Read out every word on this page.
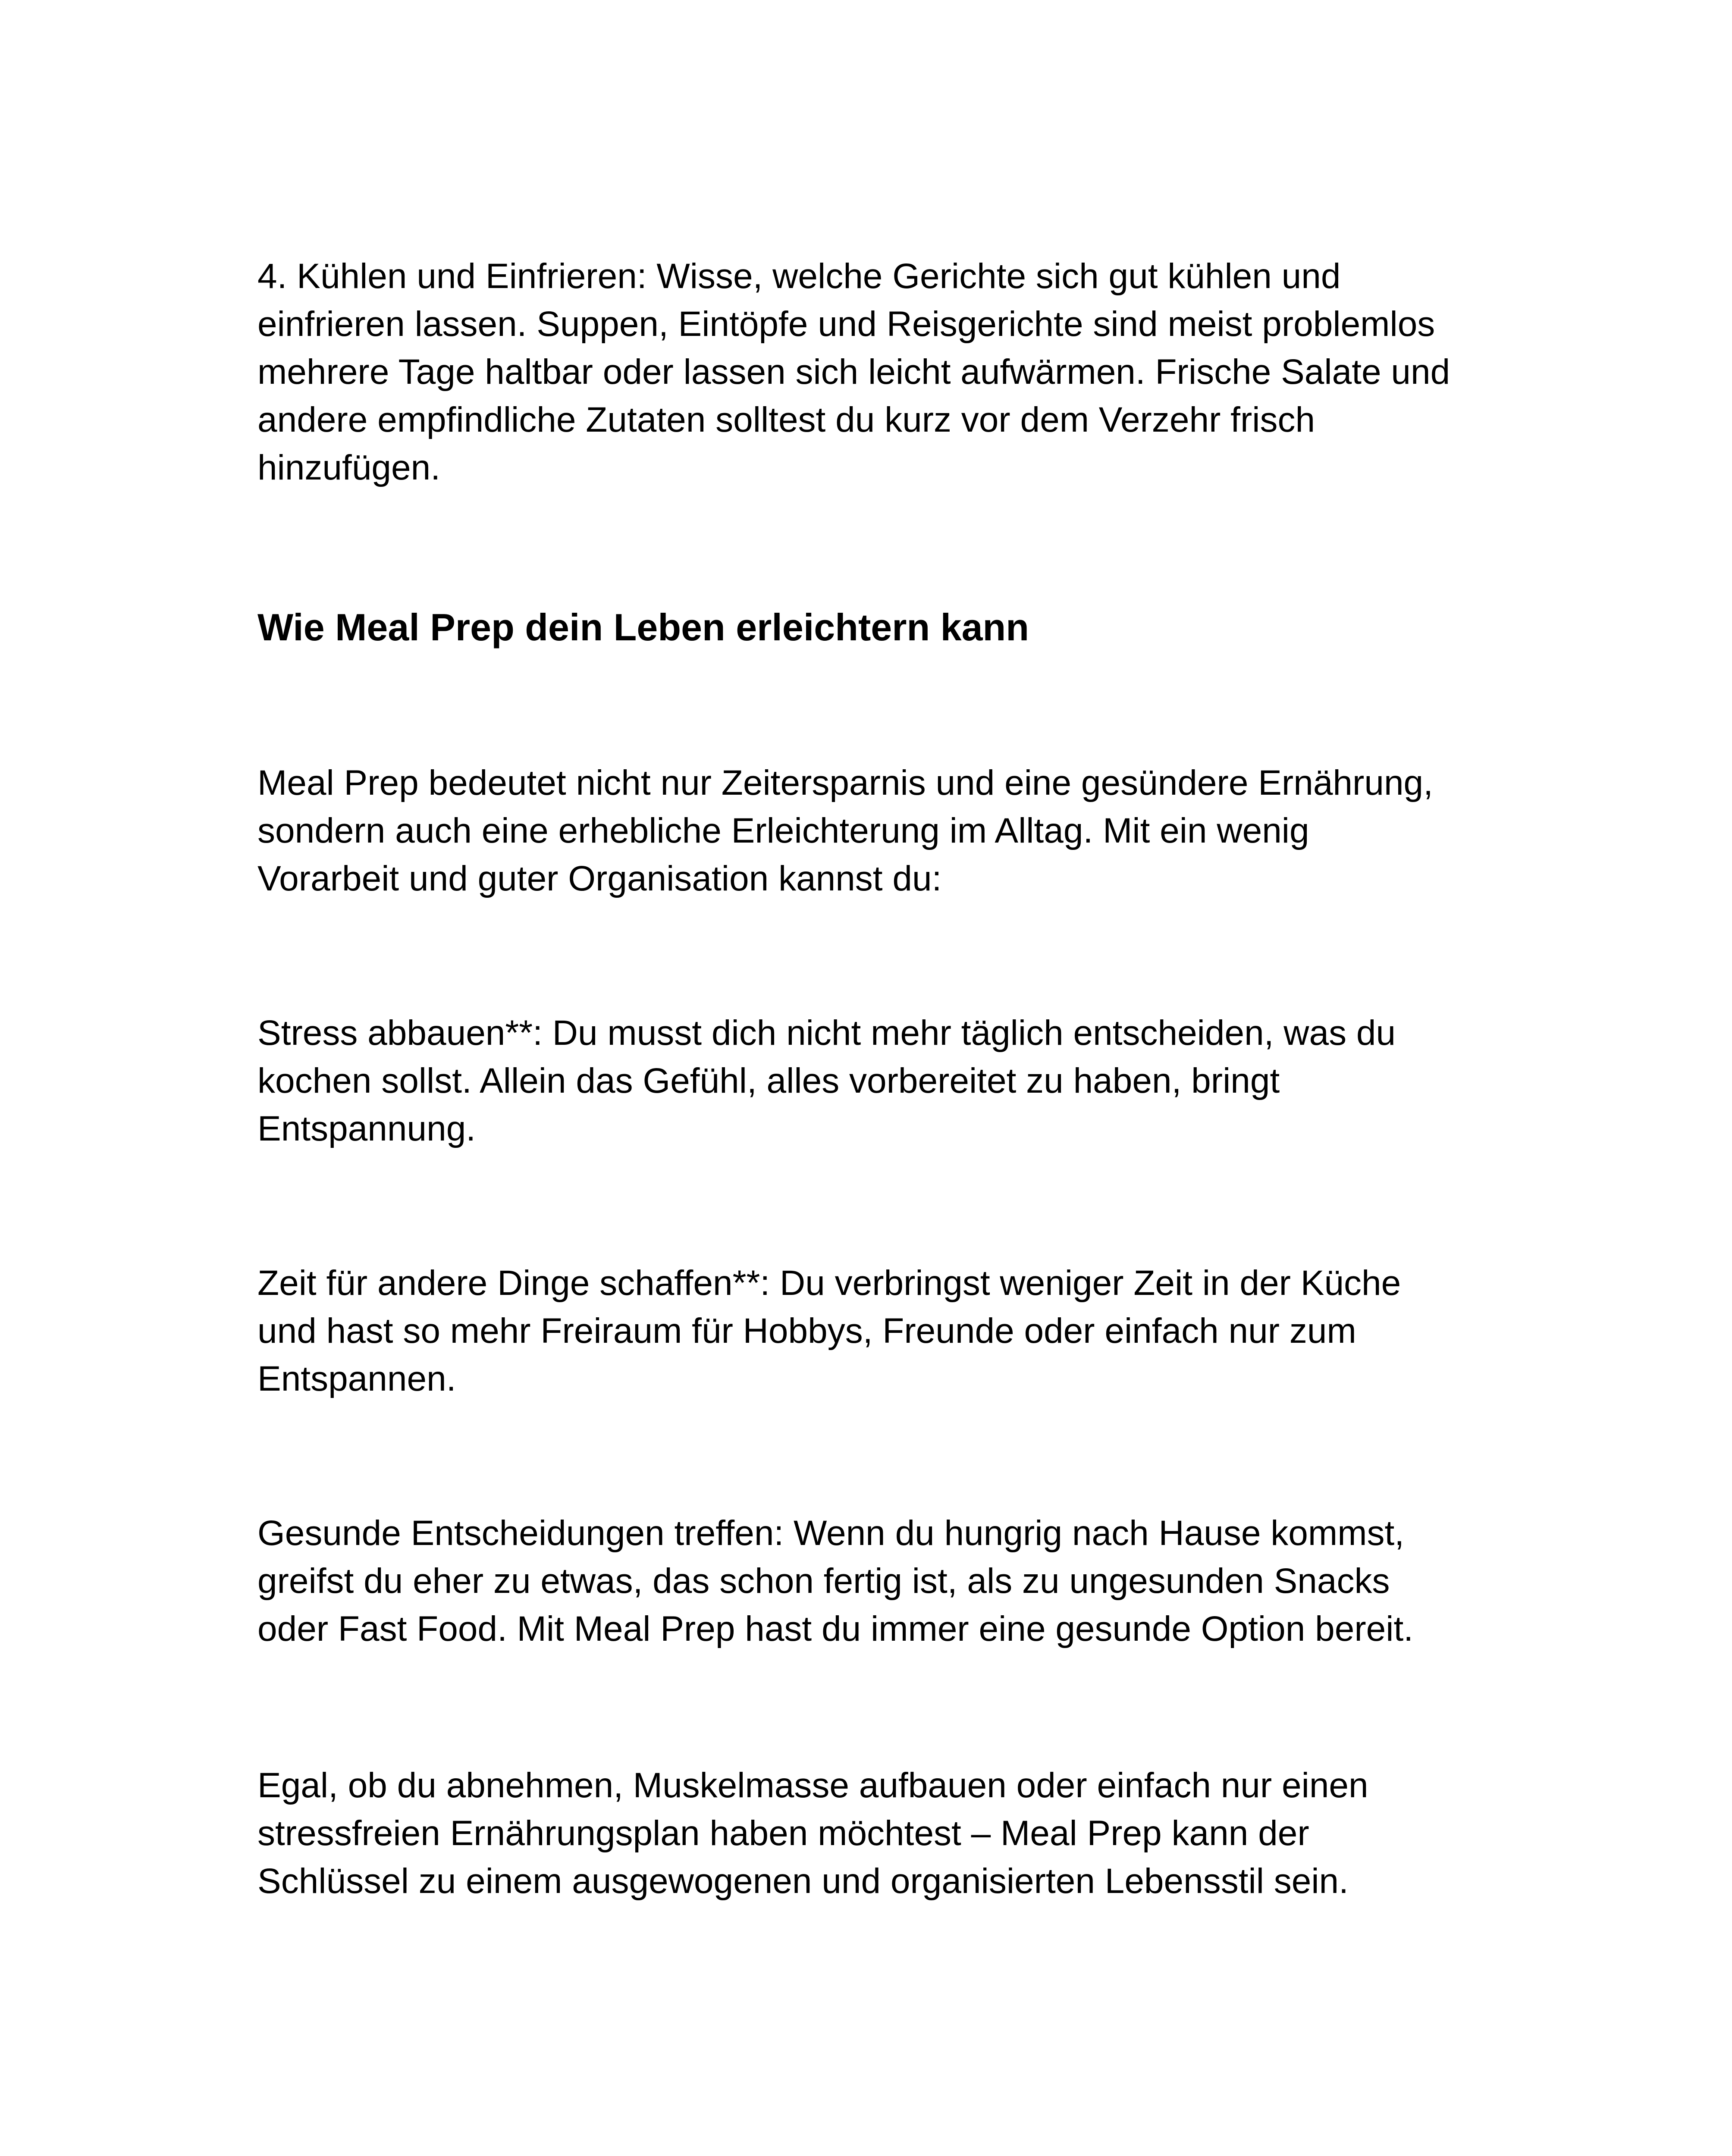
4. Kühlen und Einfrieren: Wisse, welche Gerichte sich gut kühlen und
einfrieren lassen. Suppen, Eintöpfe und Reisgerichte sind meist problemlos
mehrere Tage haltbar oder lassen sich leicht aufwärmen. Frische Salate und
andere empfindliche Zutaten solltest du kurz vor dem Verzehr frisch
hinzufügen.

Wie Meal Prep dein Leben erleichtern kann

Meal Prep bedeutet nicht nur Zeitersparnis und eine gesündere Ernährung,
sondern auch eine erhebliche Erleichterung im Alltag. Mit ein wenig
Vorarbeit und guter Organisation kannst du:

Stress abbauen**: Du musst dich nicht mehr täglich entscheiden, was du
kochen sollst. Allein das Gefühl, alles vorbereitet zu haben, bringt
Entspannung.

Zeit für andere Dinge schaffen**: Du verbringst weniger Zeit in der Küche
und hast so mehr Freiraum für Hobbys, Freunde oder einfach nur zum
Entspannen.

Gesunde Entscheidungen treffen: Wenn du hungrig nach Hause kommst,
greifst du eher zu etwas, das schon fertig ist, als zu ungesunden Snacks
oder Fast Food. Mit Meal Prep hast du immer eine gesunde Option bereit.

Egal, ob du abnehmen, Muskelmasse aufbauen oder einfach nur einen
stressfreien Ernährungsplan haben möchtest – Meal Prep kann der
Schlüssel zu einem ausgewogenen und organisierten Lebensstil sein.
